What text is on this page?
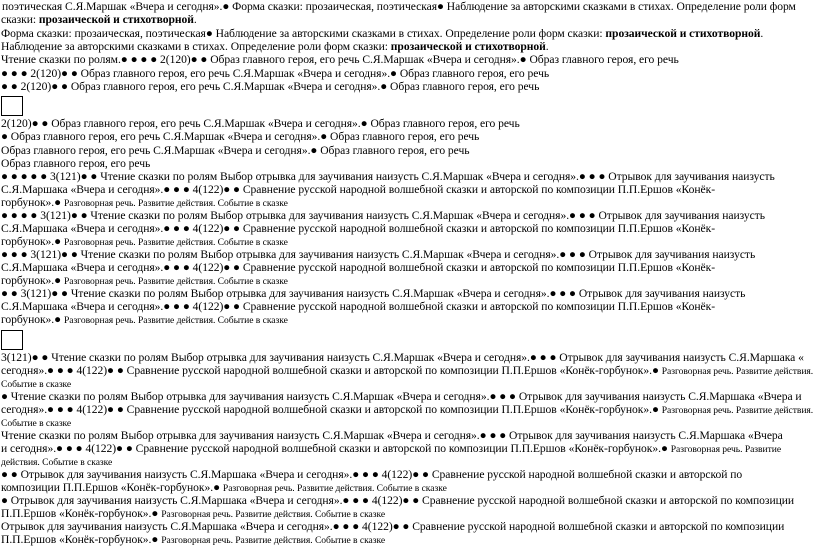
поэтическая С.Я.Маршак «Вчера и сегодня».● Форма сказки: прозаическая, поэтическая● Наблюдение за авторскими сказками в стихах. Определение роли форм
сказки: прозаической и стихотворной.
Форма сказки: прозаическая, поэтическая● Наблюдение за авторскими сказками в стихах. Определение роли форм сказки: прозаической и стихотворной.
Наблюдение за авторскими сказками в стихах. Определение роли форм сказки: прозаической и стихотворной.
Чтение сказки по ролям.● ● ● ● 2(120)● ● Образ главного героя, его речь С.Я.Маршак «Вчера и сегодня».● Образ главного героя, его речь
● ● ● 2(120)● ● Образ главного героя, его речь С.Я.Маршак «Вчера и сегодня».● Образ главного героя, его речь
● ● 2(120)● ● Образ главного героя, его речь С.Я.Маршак «Вчера и сегодня».● Образ главного героя, его речь
2(120)● ● Образ главного героя, его речь С.Я.Маршак «Вчера и сегодня».● Образ главного героя, его речь
● Образ главного героя, его речь С.Я.Маршак «Вчера и сегодня».● Образ главного героя, его речь
Образ главного героя, его речь С.Я.Маршак «Вчера и сегодня».● Образ главного героя, его речь
Образ главного героя, его речь
● ● ● ● ● 3(121)● ● Чтение сказки по ролям Выбор отрывка для заучивания наизусть С.Я.Маршак «Вчера и сегодня».● ● ● Отрывок для заучивания наизусть
С.Я.Маршака «Вчера и сегодня».● ● ● 4(122)● ● Сравнение русской народной волшебной сказки и авторской по композиции П.П.Ершов «Конёк-
горбунок».● Разговорная речь. Развитие действия. Событие в сказке
● ● ● ● 3(121)● ● Чтение сказки по ролям Выбор отрывка для заучивания наизусть С.Я.Маршак «Вчера и сегодня».● ● ● Отрывок для заучивания наизусть
С.Я.Маршака «Вчера и сегодня».● ● ● 4(122)● ● Сравнение русской народной волшебной сказки и авторской по композиции П.П.Ершов «Конёк-
горбунок».● Разговорная речь. Развитие действия. Событие в сказке
● ● ● 3(121)● ● Чтение сказки по ролям Выбор отрывка для заучивания наизусть С.Я.Маршак «Вчера и сегодня».● ● ● Отрывок для заучивания наизусть
С.Я.Маршака «Вчера и сегодня».● ● ● 4(122)● ● Сравнение русской народной волшебной сказки и авторской по композиции П.П.Ершов «Конёк-
горбунок».● Разговорная речь. Развитие действия. Событие в сказке
● ● 3(121)● ● Чтение сказки по ролям Выбор отрывка для заучивания наизусть С.Я.Маршак «Вчера и сегодня».● ● ● Отрывок для заучивания наизусть
С.Я.Маршака «Вчера и сегодня».● ● ● 4(122)● ● Сравнение русской народной волшебной сказки и авторской по композиции П.П.Ершов «Конёк-
горбунок».● Разговорная речь. Развитие действия. Событие в сказке
3(121)● ● Чтение сказки по ролям Выбор отрывка для заучивания наизусть С.Я.Маршак «Вчера и сегодня».● ● ● Отрывок для заучивания наизусть С.Я.Маршака «
сегодня».● ● ● 4(122)● ● Сравнение русской народной волшебной сказки и авторской по композиции П.П.Ершов «Конёк-горбунок».● Разговорная речь. Развитие действия.
Событие в сказке
● Чтение сказки по ролям Выбор отрывка для заучивания наизусть С.Я.Маршак «Вчера и сегодня».● ● ● Отрывок для заучивания наизусть С.Я.Маршака «Вчера и
сегодня».● ● ● 4(122)● ● Сравнение русской народной волшебной сказки и авторской по композиции П.П.Ершов «Конёк-горбунок».● Разговорная речь. Развитие действия.
Событие в сказке
Чтение сказки по ролям Выбор отрывка для заучивания наизусть С.Я.Маршак «Вчера и сегодня».● ● ● Отрывок для заучивания наизусть С.Я.Маршака «Вчера
и сегодня».● ● ● 4(122)● ● Сравнение русской народной волшебной сказки и авторской по композиции П.П.Ершов «Конёк-горбунок».● Разговорная речь. Развитие
действия. Событие в сказке
● ● Отрывок для заучивания наизусть С.Я.Маршака «Вчера и сегодня».● ● ● 4(122)● ● Сравнение русской народной волшебной сказки и авторской по
композиции П.П.Ершов «Конёк-горбунок».● Разговорная речь. Развитие действия. Событие в сказке
● Отрывок для заучивания наизусть С.Я.Маршака «Вчера и сегодня».● ● ● 4(122)● ● Сравнение русской народной волшебной сказки и авторской по композиции
П.П.Ершов «Конёк-горбунок».● Разговорная речь. Развитие действия. Событие в сказке
Отрывок для заучивания наизусть С.Я.Маршака «Вчера и сегодня».● ● ● 4(122)● ● Сравнение русской народной волшебной сказки и авторской по композиции
П.П.Ершов «Конёк-горбунок».● Разговорная речь. Развитие действия. Событие в сказке
